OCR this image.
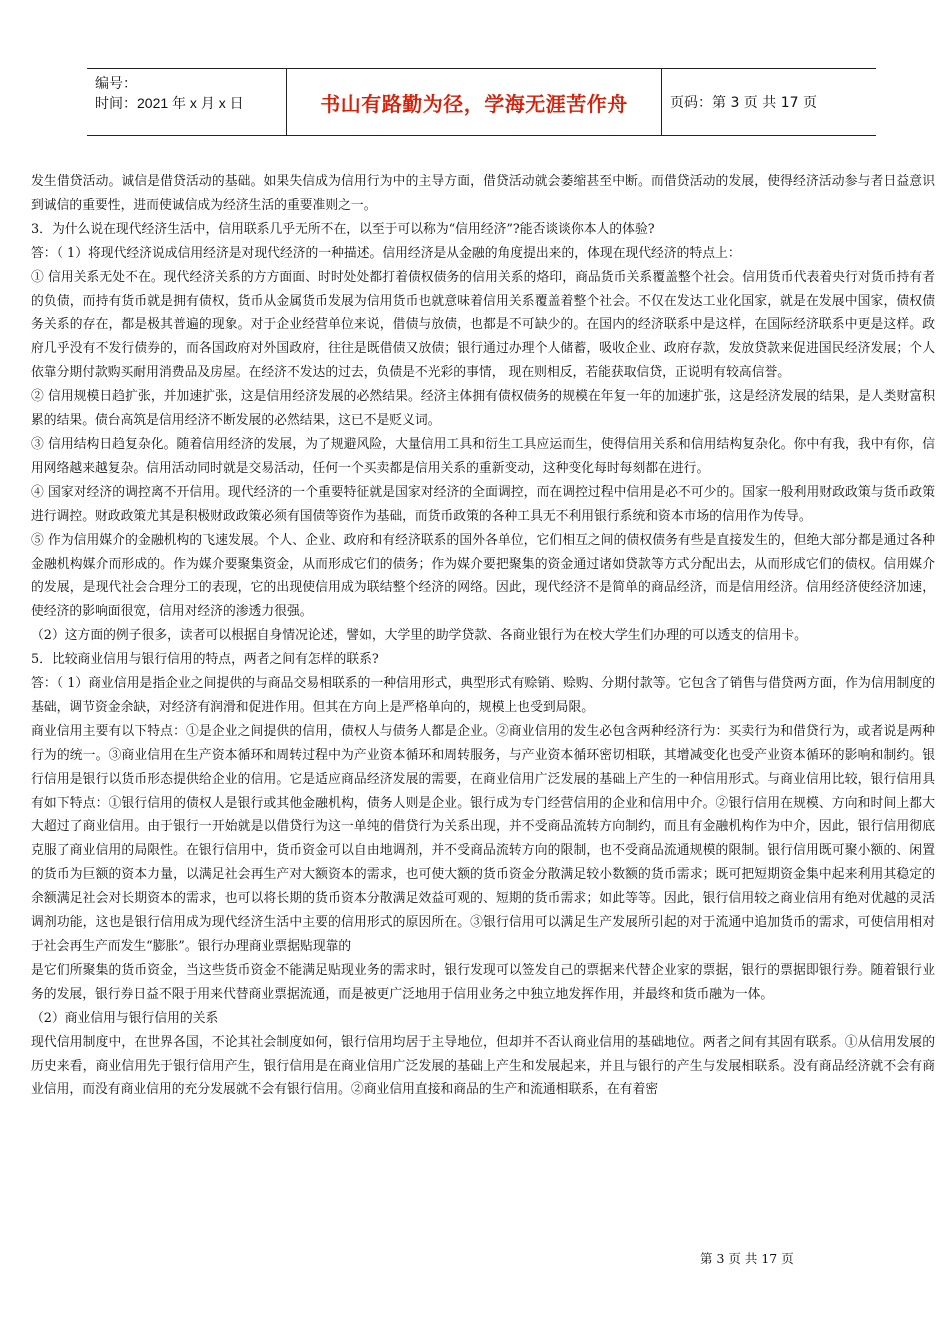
编号：
时间：2021 年 x 月 x 日	书山有路勤为径，学海无涯苦作舟	页码：第 3 页 共 17 页

发生借贷活动。诚信是借贷活动的基础。如果失信成为信用行为中的主导方面，借贷活动就会萎缩甚至中断。而借贷活动的发展，使得经济活动参与者日益意识到诚信的重要性，进而使诚信成为经济生活的重要准则之一。

3．为什么说在现代经济生活中，信用联系几乎无所不在，以至于可以称为“信用经济”?能否谈谈你本人的体验?

答：（ 1）将现代经济说成信用经济是对现代经济的一种描述。信用经济是从金融的角度提出来的，体现在现代经济的特点上：

① 信用关系无处不在。现代经济关系的方方面面、时时处处都打着债权债务的信用关系的烙印，商品货币关系覆盖整个社会。信用货币代表着央行对货币持有者的负债，而持有货币就是拥有债权，货币从金属货币发展为信用货币也就意味着信用关系覆盖着整个社会。不仅在发达工业化国家，就是在发展中国家，债权债务关系的存在，都是极其普遍的现象。对于企业经营单位来说，借债与放债，也都是不可缺少的。在国内的经济联系中是这样，在国际经济联系中更是这样。政府几乎没有不发行债券的，而各国政府对外国政府，往往是既借债又放债；银行通过办理个人储蓄，吸收企业、政府存款，发放贷款来促进国民经济发展；个人依靠分期付款购买耐用消费品及房屋。在经济不发达的过去，负债是不光彩的事情， 现在则相反，若能获取信贷，正说明有较高信誉。

② 信用规模日趋扩张，并加速扩张，这是信用经济发展的必然结果。经济主体拥有债权债务的规模在年复一年的加速扩张，这是经济发展的结果，是人类财富积累的结果。债台高筑是信用经济不断发展的必然结果，这已不是贬义词。

③ 信用结构日趋复杂化。随着信用经济的发展，为了规避风险，大量信用工具和衍生工具应运而生，使得信用关系和信用结构复杂化。你中有我，我中有你，信用网络越来越复杂。信用活动同时就是交易活动，任何一个买卖都是信用关系的重新变动，这种变化每时每刻都在进行。

④ 国家对经济的调控离不开信用。现代经济的一个重要特征就是国家对经济的全面调控，而在调控过程中信用是必不可少的。国家一般利用财政政策与货币政策进行调控。财政政策尤其是积极财政政策必须有国债等资作为基础，而货币政策的各种工具无不利用银行系统和资本市场的信用作为传导。

⑤ 作为信用媒介的金融机构的飞速发展。个人、企业、政府和有经济联系的国外各单位，它们相互之间的债权债务有些是直接发生的，但绝大部分都是通过各种金融机构媒介而形成的。作为媒介要聚集资金，从而形成它们的债务；作为媒介要把聚集的资金通过诸如贷款等方式分配出去，从而形成它们的债权。信用媒介的发展，是现代社会合理分工的表现，它的出现使信用成为联结整个经济的网络。因此，现代经济不是简单的商品经济，而是信用经济。信用经济使经济加速，使经济的影响面很宽，信用对经济的渗透力很强。

（2）这方面的例子很多，读者可以根据自身情况论述，譬如，大学里的助学贷款、各商业银行为在校大学生们办理的可以透支的信用卡。

5．比较商业信用与银行信用的特点，两者之间有怎样的联系?

答：（ 1）商业信用是指企业之间提供的与商品交易相联系的一种信用形式，典型形式有赊销、赊购、分期付款等。它包含了销售与借贷两方面，作为信用制度的基础，调节资金余缺，对经济有润滑和促进作用。但其在方向上是严格单向的，规模上也受到局限。

商业信用主要有以下特点：①是企业之间提供的信用，债权人与债务人都是企业。②商业信用的发生必包含两种经济行为：买卖行为和借贷行为，或者说是两种行为的统一。③商业信用在生产资本循环和周转过程中为产业资本循环和周转服务，与产业资本循环密切相联，其增减变化也受产业资本循环的影响和制约。银行信用是银行以货币形态提供给企业的信用。它是适应商品经济发展的需要，在商业信用广泛发展的基础上产生的一种信用形式。与商业信用比较，银行信用具有如下特点：①银行信用的债权人是银行或其他金融机构，债务人则是企业。银行成为专门经营信用的企业和信用中介。②银行信用在规模、方向和时间上都大大超过了商业信用。由于银行一开始就是以借贷行为这一单纯的借贷行为关系出现，并不受商品流转方向制约，而且有金融机构作为中介，因此，银行信用彻底克服了商业信用的局限性。在银行信用中，货币资金可以自由地调剂，并不受商品流转方向的限制，也不受商品流通规模的限制。银行信用既可聚小额的、闲置的货币为巨额的资本力量，以满足社会再生产对大额资本的需求，也可使大额的货币资金分散满足较小数额的货币需求；既可把短期资金集中起来利用其稳定的余额满足社会对长期资本的需求，也可以将长期的货币资本分散满足效益可观的、短期的货币需求；如此等等。因此，银行信用较之商业信用有绝对优越的灵活调剂功能，这也是银行信用成为现代经济生活中主要的信用形式的原因所在。③银行信用可以满足生产发展所引起的对于流通中追加货币的需求，可使信用相对于社会再生产而发生“膨胀”。银行办理商业票据贴现靠的

是它们所聚集的货币资金，当这些货币资金不能满足贴现业务的需求时，银行发现可以签发自己的票据来代替企业家的票据，银行的票据即银行券。随着银行业务的发展，银行券日益不限于用来代替商业票据流通，而是被更广泛地用于信用业务之中独立地发挥作用，并最终和货币融为一体。

（2）商业信用与银行信用的关系

现代信用制度中，在世界各国，不论其社会制度如何，银行信用均居于主导地位，但却并不否认商业信用的基础地位。两者之间有其固有联系。①从信用发展的历史来看，商业信用先于银行信用产生，银行信用是在商业信用广泛发展的基础上产生和发展起来，并且与银行的产生与发展相联系。没有商品经济就不会有商业信用，而没有商业信用的充分发展就不会有银行信用。②商业信用直接和商品的生产和流通相联系，在有着密

第 3 页 共 17 页
